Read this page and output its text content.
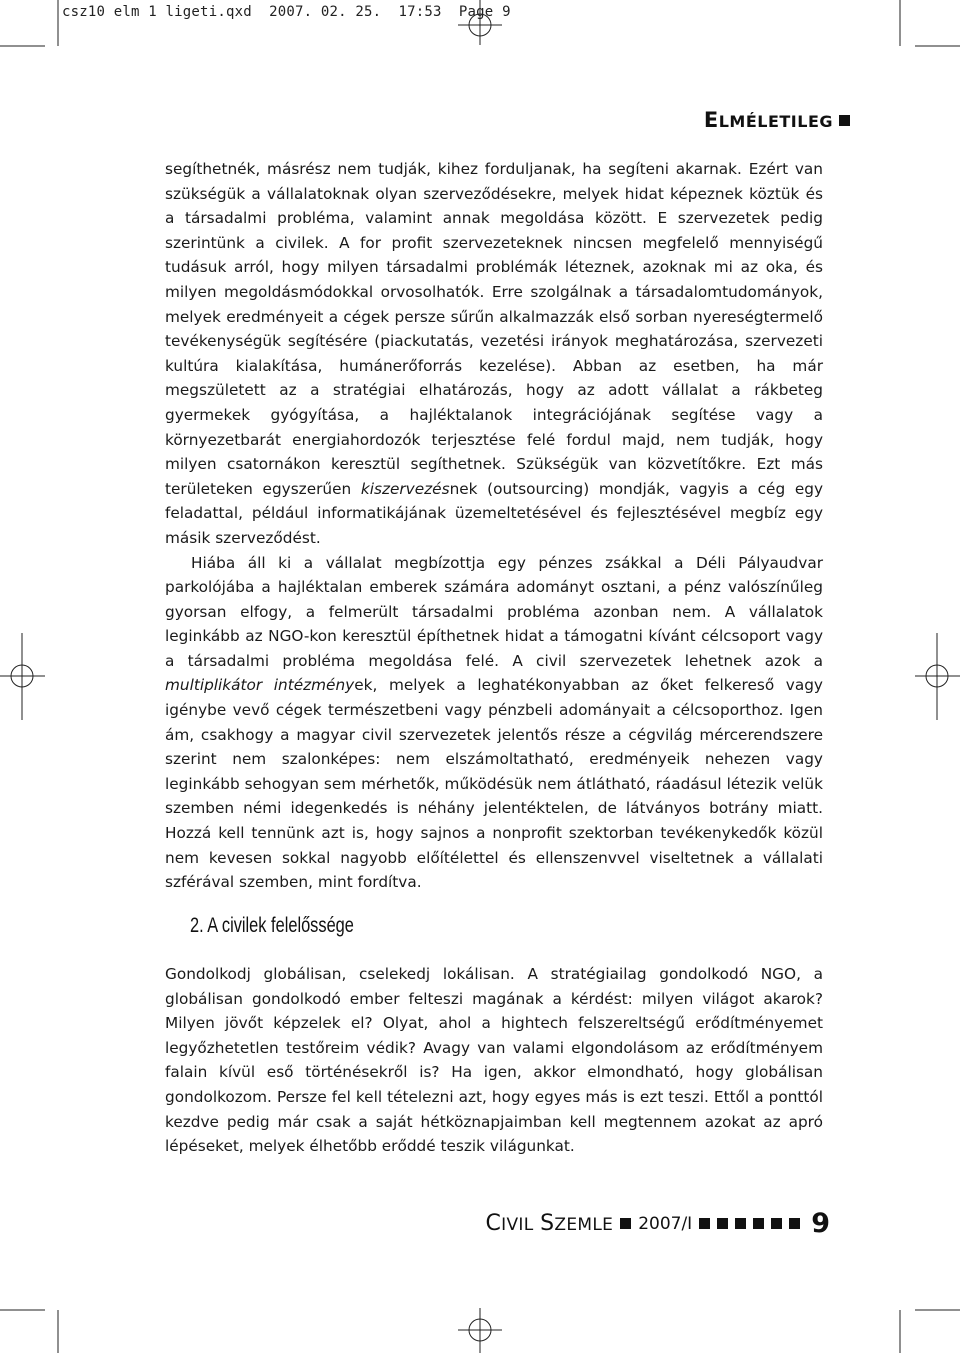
csz10 elm 1 ligeti.qxd  2007. 02. 25.  17:53  Page 9
ELMÉLETILEG

segíthetnék, másrész nem tudják, kihez forduljanak, ha segíteni akarnak. Ezért van szükségük a vállalatoknak olyan szerveződésekre, melyek hidat képeznek köztük és a társadalmi probléma, valamint annak megoldása között. E szervezetek pedig szerintünk a civilek. A for profit szervezeteknek nincsen megfelelő mennyiségű tudásuk arról, hogy milyen társadalmi problémák léteznek, azoknak mi az oka, és milyen megoldásmódokkal orvosolhatók. Erre szolgálnak a társadalomtudományok, melyek eredményeit a cégek persze sűrűn alkalmazzák első sorban nyereségtermelő tevékenységük segítésére (piackutatás, vezetési irányok meghatározása, szervezeti kultúra kialakítása, humánerőforrás kezelése). Abban az esetben, ha már megszületett az a stratégiai elhatározás, hogy az adott vállalat a rákbeteg gyermekek gyógyítása, a hajléktalanok integrációjának segítése vagy a környezetbarát energiahordozók terjesztése felé fordul majd, nem tudják, hogy milyen csatornákon keresztül segíthetnek. Szükségük van közvetítőkre. Ezt más területeken egyszerűen kiszervezésnek (outsourcing) mondják, vagyis a cég egy feladattal, például informatikájának üzemeltetésével és fejlesztésével megbíz egy másik szerveződést.

Hiába áll ki a vállalat megbízottja egy pénzes zsákkal a Déli Pályaudvar parkolójába a hajléktalan emberek számára adományt osztani, a pénz valószínűleg gyorsan elfogy, a felmerült társadalmi probléma azonban nem. A vállalatok leginkább az NGO-kon keresztül építhetnek hidat a támogatni kívánt célcsoport vagy a társadalmi probléma megoldása felé. A civil szervezetek lehetnek azok a multiplikátor intézmények, melyek a leghatékonyabban az őket felkereső vagy igénybe vevő cégek természetbeni vagy pénzbeli adományait a célcsoporthoz. Igen ám, csakhogy a magyar civil szervezetek jelentős része a cégvilág mércerendszere szerint nem szalonképes: nem elszámoltatható, eredményeik nehezen vagy leginkább sehogyan sem mérhetők, működésük nem átlátható, ráadásul létezik velük szemben némi idegenkedés is néhány jelentéktelen, de látványos botrány miatt. Hozzá kell tennünk azt is, hogy sajnos a nonprofit szektorban tevékenykedők közül nem kevesen sokkal nagyobb előítélettel és ellenszenvvel viseltetnek a vállalati szférával szemben, mint fordítva.

2. A civilek felelőssége

Gondolkodj globálisan, cselekedj lokálisan. A stratégiailag gondolkodó NGO, a globálisan gondolkodó ember felteszi magának a kérdést: milyen világot akarok? Milyen jövőt képzelek el? Olyat, ahol a hightech felszereltségű erődítményemet legyőzhetetlen testőreim védik? Avagy van valami elgondolásom az erődítményem falain kívül eső történésekről is? Ha igen, akkor elmondható, hogy globálisan gondolkozom. Persze fel kell tételezni azt, hogy egyes más is ezt teszi. Ettől a ponttól kezdve pedig már csak a saját hétköznapjaimban kell megtennem azokat az apró lépéseket, melyek élhetőbb erőddé teszik világunkat.

CIVIL SZEMLE 2007/I	9
